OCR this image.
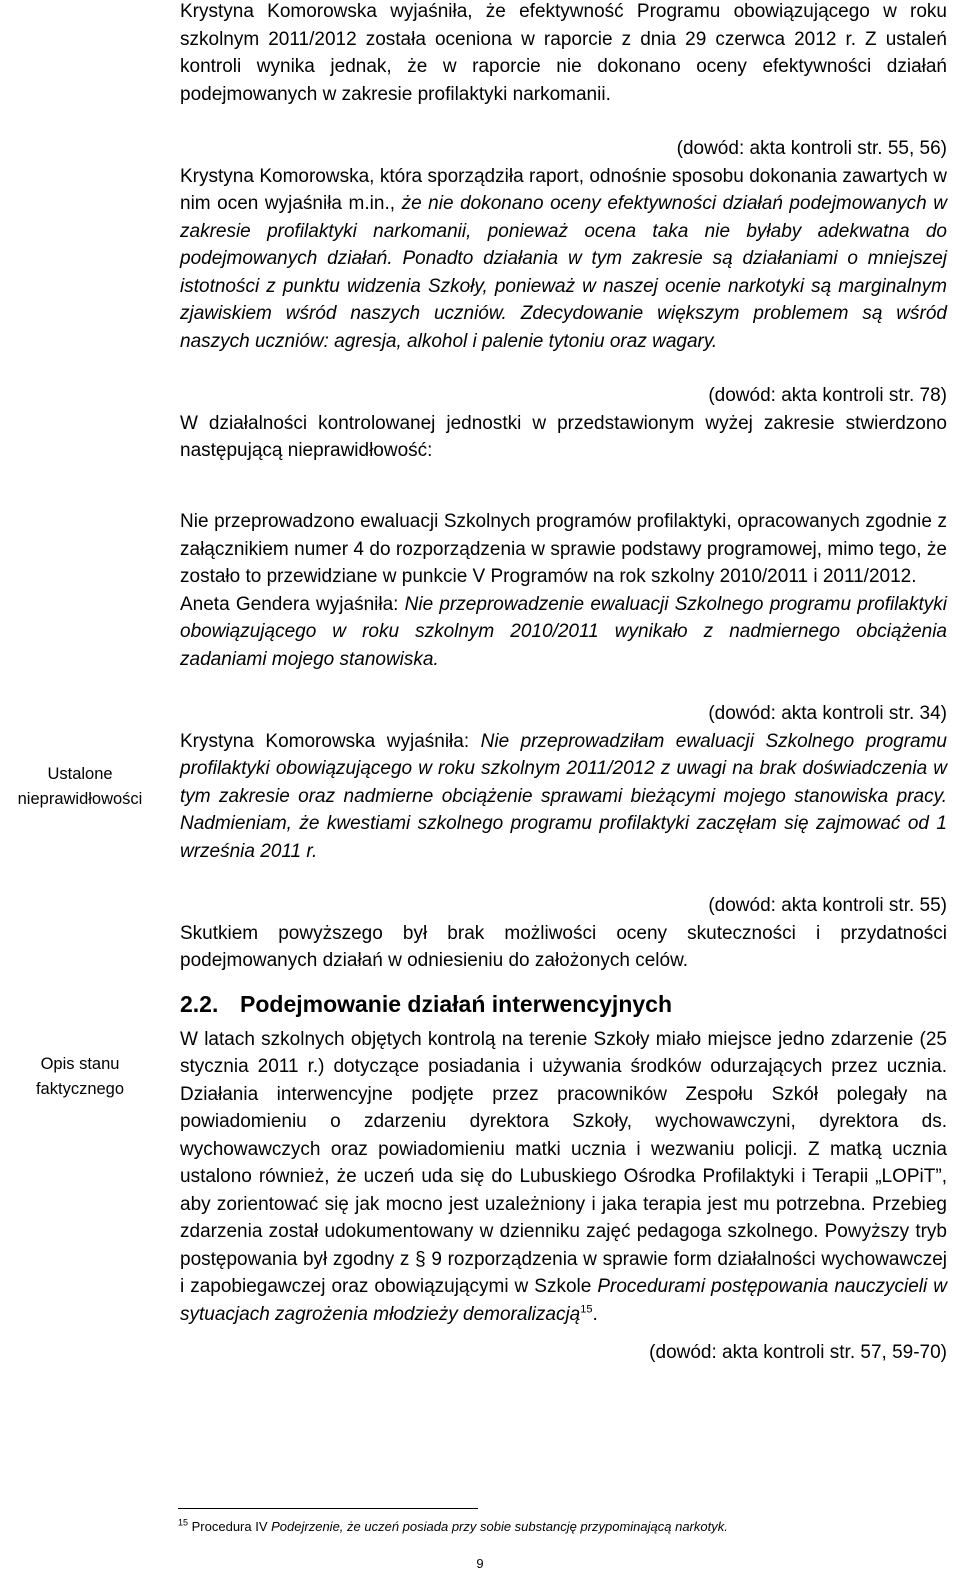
Ustalone
nieprawidłowości
Opis stanu
faktycznego

Krystyna Komorowska wyjaśniła, że efektywność Programu obowiązującego w roku szkolnym 2011/2012 została oceniona w raporcie z dnia 29 czerwca 2012 r. Z ustaleń kontroli wynika jednak, że w raporcie nie dokonano oceny efektywności działań podejmowanych w zakresie profilaktyki narkomanii.

(dowód: akta kontroli str. 55, 56)

Krystyna Komorowska, która sporządziła raport, odnośnie sposobu dokonania zawartych w nim ocen wyjaśniła m.in., że nie dokonano oceny efektywności działań podejmowanych w zakresie profilaktyki narkomanii, ponieważ ocena taka nie byłaby adekwatna do podejmowanych działań. Ponadto działania w tym zakresie są działaniami o mniejszej istotności z punktu widzenia Szkoły, ponieważ w naszej ocenie narkotyki są marginalnym zjawiskiem wśród naszych uczniów. Zdecydowanie większym problemem są wśród naszych uczniów: agresja, alkohol i palenie tytoniu oraz wagary.

(dowód: akta kontroli str. 78)

W działalności kontrolowanej jednostki w przedstawionym wyżej zakresie stwierdzono następującą nieprawidłowość:

Nie przeprowadzono ewaluacji Szkolnych programów profilaktyki, opracowanych zgodnie z załącznikiem numer 4 do rozporządzenia w sprawie podstawy programowej, mimo tego, że zostało to przewidziane w punkcie V Programów na rok szkolny 2010/2011 i 2011/2012.

Aneta Gendera wyjaśniła: Nie przeprowadzenie ewaluacji Szkolnego programu profilaktyki obowiązującego w roku szkolnym 2010/2011 wynikało z nadmiernego obciążenia zadaniami mojego stanowiska.

(dowód: akta kontroli str. 34)

Krystyna Komorowska wyjaśniła: Nie przeprowadziłam ewaluacji Szkolnego programu profilaktyki obowiązującego w roku szkolnym 2011/2012 z uwagi na brak doświadczenia w tym zakresie oraz nadmierne obciążenie sprawami bieżącymi mojego stanowiska pracy. Nadmieniam, że kwestiami szkolnego programu profilaktyki zaczęłam się zajmować od 1 września 2011 r.

(dowód: akta kontroli str. 55)

Skutkiem powyższego był brak możliwości oceny skuteczności i przydatności podejmowanych działań w odniesieniu do założonych celów.

2.2. Podejmowanie działań interwencyjnych

W latach szkolnych objętych kontrolą na terenie Szkoły miało miejsce jedno zdarzenie (25 stycznia 2011 r.) dotyczące posiadania i używania środków odurzających przez ucznia. Działania interwencyjne podjęte przez pracowników Zespołu Szkół polegały na powiadomieniu o zdarzeniu dyrektora Szkoły, wychowawczyni, dyrektora ds. wychowawczych oraz powiadomieniu matki ucznia i wezwaniu policji. Z matką ucznia ustalono również, że uczeń uda się do Lubuskiego Ośrodka Profilaktyki i Terapii „LOPiT”, aby zorientować się jak mocno jest uzależniony i jaka terapia jest mu potrzebna. Przebieg zdarzenia został udokumentowany w dzienniku zajęć pedagoga szkolnego. Powyższy tryb postępowania był zgodny z § 9 rozporządzenia w sprawie form działalności wychowawczej i zapobiegawczej oraz obowiązującymi w Szkole Procedurami postępowania nauczycieli w sytuacjach zagrożenia młodzieży demoralizacją$^{15}$.

(dowód: akta kontroli str. 57, 59-70)

$^{15}$ Procedura IV Podejrzenie, że uczeń posiada przy sobie substancję przypominającą narkotyk.
9
